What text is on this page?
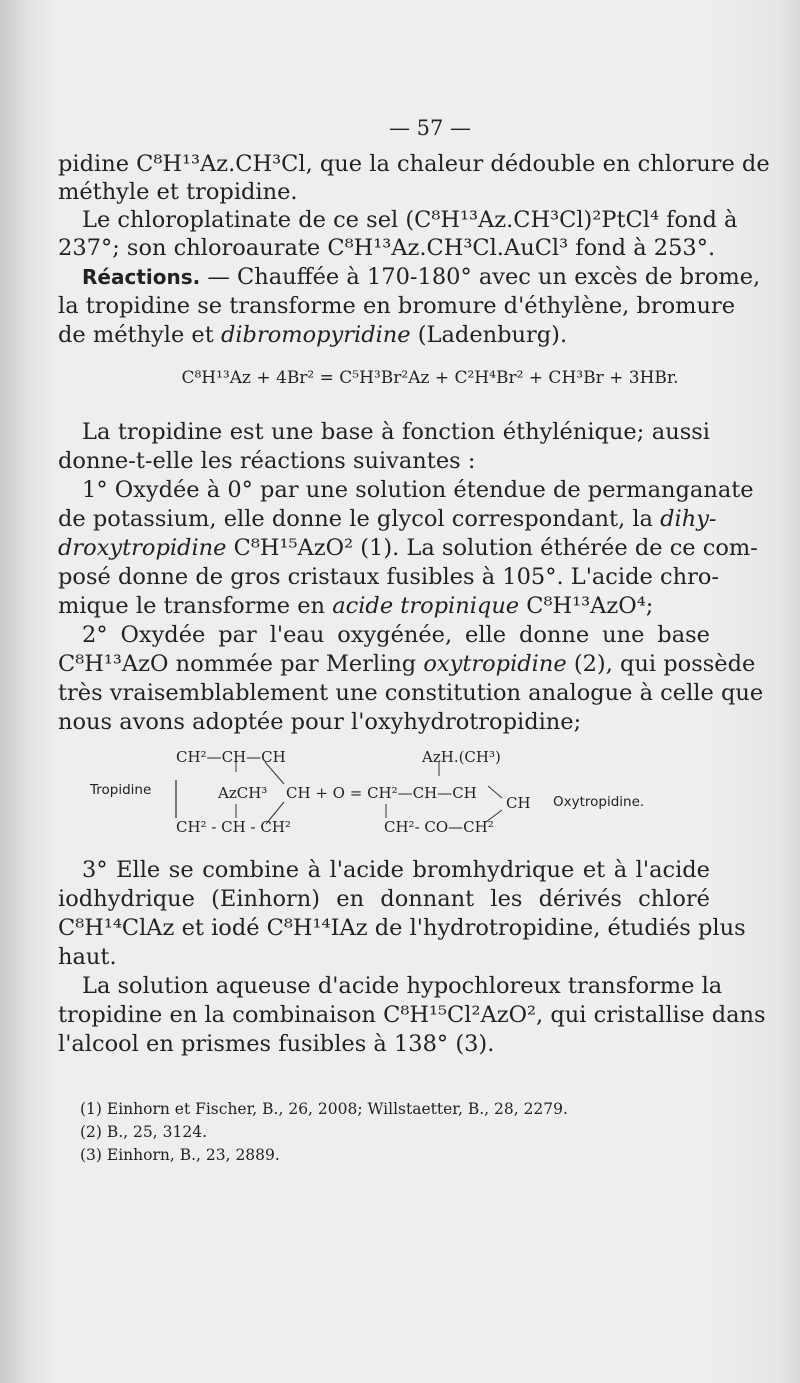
— 57 —
pidine C⁸H¹³Az.CH³Cl, que la chaleur dédouble en chlorure de
méthyle et tropidine.
Le chloroplatinate de ce sel (C⁸H¹³Az.CH³Cl)²PtCl⁴ fond à
237°; son chloroaurate C⁸H¹³Az.CH³Cl.AuCl³ fond à 253°.
Réactions. — Chauffée à 170-180° avec un excès de brome,
la tropidine se transforme en bromure d'éthylène, bromure
de méthyle et dibromopyridine (Ladenburg).
C⁸H¹³Az + 4Br² = C⁵H³Br²Az + C²H⁴Br² + CH³Br + 3HBr.
La tropidine est une base à fonction éthylénique; aussi
donne-t-elle les réactions suivantes :
1° Oxydée à 0° par une solution étendue de permanganate
de potassium, elle donne le glycol correspondant, la dihy-
droxytropidine C⁸H¹⁵AzO² (1). La solution éthérée de ce com-
posé donne de gros cristaux fusibles à 105°. L'acide chro-
mique le transforme en acide tropinique C⁸H¹³AzO⁴;
2° Oxydée par l'eau oxygénée, elle donne une base
C⁸H¹³AzO nommée par Merling oxytropidine (2), qui possède
très vraisemblablement une constitution analogue à celle que
nous avons adoptée pour l'oxyhydrotropidine;
CH²—CH—CH
Tropidine	AzCH³ CH + O = CH²—CH—CH
CH² - CH - CH²
AzH.(CH³)
CH Oxytropidine.
CH²- CO—CH²
3° Elle se combine à l'acide bromhydrique et à l'acide
iodhydrique (Einhorn) en donnant les dérivés chloré
C⁸H¹⁴ClAz et iodé C⁸H¹⁴IAz de l'hydrotropidine, étudiés plus
haut.
La solution aqueuse d'acide hypochloreux transforme la
tropidine en la combinaison C⁸H¹⁵Cl²AzO², qui cristallise dans
l'alcool en prismes fusibles à 138° (3).
(1) Einhorn et Fischer, B., 26, 2008; Willstaetter, B., 28, 2279.
(2) B., 25, 3124.
(3) Einhorn, B., 23, 2889.
